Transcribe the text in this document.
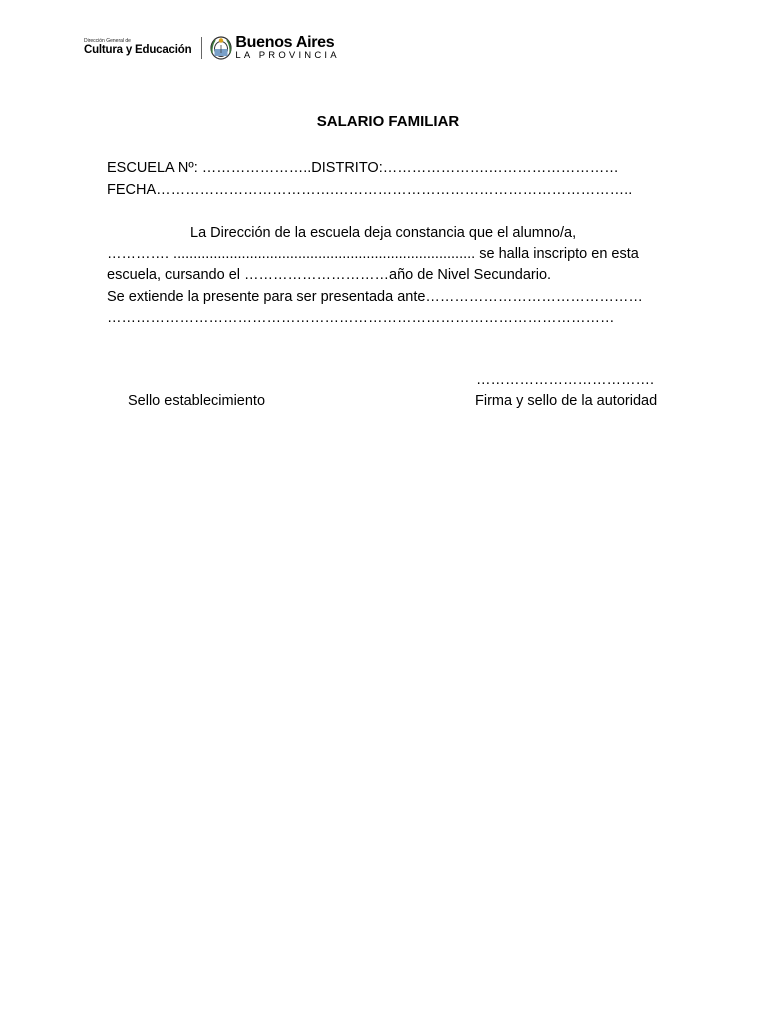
Dirección General de
Cultura y Educación	Buenos Aires
LA PROVINCIA
SALARIO FAMILIAR
ESCUELA Nº: …………………..DISTRITO:………………….………………………
FECHA……………………………….……………………………………………………..
La Dirección de la escuela deja constancia que el alumno/a,
…………. ........................................................................... se halla inscripto en esta
escuela, cursando el …………………………año de Nivel Secundario.
Se extiende la presente para ser presentada ante………………………………………
……………………………………………………………………………………………
……………………………….
Sello establecimiento	Firma y sello de la autoridad
